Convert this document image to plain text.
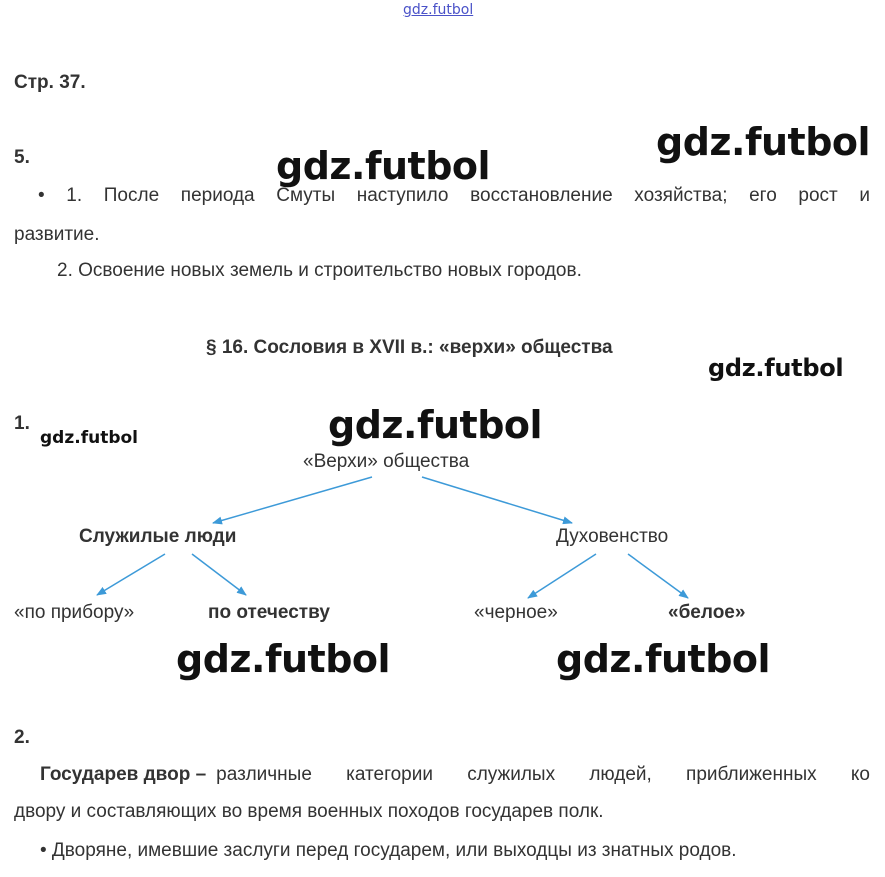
gdz.futbol
Стр. 37.
gdz.futbol
gdz.futbol
5.
• 1. После периода Смуты наступило восстановление хозяйства; его рост и
развитие.
2. Освоение новых земель и строительство новых городов.
§ 16. Сословия в XVII в.: «верхи» общества
gdz.futbol
1.
gdz.futbol	gdz.futbol
«Верхи» общества
Служилые люди	Духовенство
«по прибору»	по отечеству	«черное»	«белое»
gdz.futbol	gdz.futbol
2.
Государев двор – различные категории служилых людей, приближенных ко
двору и составляющих во время военных походов государев полк.
• Дворяне, имевшие заслуги перед государем, или выходцы из знатных родов.
